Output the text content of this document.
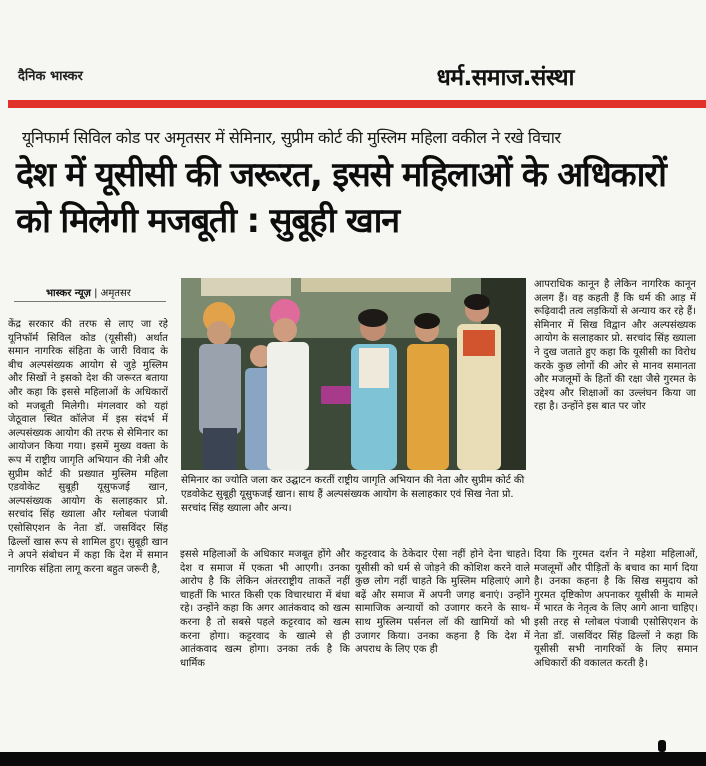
दैनिक भास्कर	धर्म.समाज.संस्था
यूनिफार्म सिविल कोड पर अमृतसर में सेमिनार, सुप्रीम कोर्ट की मुस्लिम महिला वकील ने रखे विचार
देश में यूसीसी की जरूरत, इससे महिलाओं के अधिकारों को मिलेगी मजबूती : सुबूही खान
भास्कर न्यूज़ | अमृतसर
केंद्र सरकार की तरफ से लाए जा रहे यूनिफॉर्म सिविल कोड (यूसीसी) अर्थात समान नागरिक संहिता के जारी विवाद के बीच अल्पसंख्यक आयोग से जुड़े मुस्लिम और सिखों ने इसको देश की जरूरत बताया और कहा कि इससे महिलाओं के अधिकारों को मजबूती मिलेगी। मंगलवार को यहां जेठूवाल स्थित कॉलेज में इस संदर्भ में अल्पसंख्यक आयोग की तरफ से सेमिनार का आयोजन किया गया। इसमें मुख्य वक्ता के रूप में राष्ट्रीय जागृति अभियान की नेत्री और सुप्रीम कोर्ट की प्रख्यात मुस्लिम महिला एडवोकेट सुबूही यूसुफजई खान, अल्पसंख्यक आयोग के सलाहकार प्रो. सरचांद सिंह ख्याला और ग्लोबल पंजाबी एसोसिएशन के नेता डॉ. जसविंदर सिंह ढिल्लों खास रूप से शामिल हुए। सुबूही खान ने अपने संबोधन में कहा कि देश में समान नागरिक संहिता लागू करना बहुत जरूरी है,
सेमिनार का ज्योति जला कर उद्घाटन करतीं राष्ट्रीय जागृति अभियान की नेता और सुप्रीम कोर्ट की एडवोकेट सुबूही यूसुफजई खान। साथ हैं अल्पसंख्यक आयोग के सलाहकार एवं सिख नेता प्रो. सरचांद सिंह ख्याला और अन्य।
आपराधिक कानून है लेकिन नागरिक कानून अलग हैं। वह कहती हैं कि धर्म की आड़ में रूढ़िवादी तत्व लड़कियों से अन्याय कर रहे हैं। सेमिनार में सिख विद्वान और अल्पसंख्यक आयोग के सलाहकार प्रो. सरचांद सिंह ख्याला ने दुख जताते हुए कहा कि यूसीसी का विरोध करके कुछ लोगों की ओर से मानव समानता और मजलूमों के हितों की रक्षा जैसे गुरमत के उद्देश्य और शिक्षाओं का उल्लंघन किया जा रहा है। उन्होंने इस बात पर जोर
इससे महिलाओं के अधिकार मजबूत होंगे और देश व समाज में एकता भी आएगी। उनका आरोप है कि लेकिन अंतरराष्ट्रीय ताकतें नहीं चाहतीं कि भारत किसी एक विचारधारा में बंधा रहे। उन्होंने कहा कि अगर आतंकवाद को खत्म करना है तो सबसे पहले कट्टरवाद को खत्म करना होगा। कट्टरवाद के खात्मे से ही आतंकवाद खत्म होगा। उनका तर्क है कि धार्मिक
कट्टरवाद के ठेकेदार ऐसा नहीं होने देना चाहते। यूसीसी को धर्म से जोड़ने की कोशिश करने वाले कुछ लोग नहीं चाहते कि मुस्लिम महिलाएं आगे बढ़ें और समाज में अपनी जगह बनाएं। उन्होंने सामाजिक अन्यायों को उजागर करने के साथ-साथ मुस्लिम पर्सनल लॉ की खामियों को भी उजागर किया। उनका कहना है कि देश में अपराध के लिए एक ही
दिया कि गुरमत दर्शन ने महेशा महिलाओं, मजलूमों और पीड़ितों के बचाव का मार्ग दिया है। उनका कहना है कि सिख समुदाय को गुरमत दृष्टिकोण अपनाकर यूसीसी के मामले में भारत के नेतृत्व के लिए आगे आना चाहिए। इसी तरह से ग्लोबल पंजाबी एसोसिएशन के नेता डॉ. जसविंदर सिंह ढिल्लों ने कहा कि यूसीसी सभी नागरिकों के लिए समान अधिकारों की वकालत करती है।
